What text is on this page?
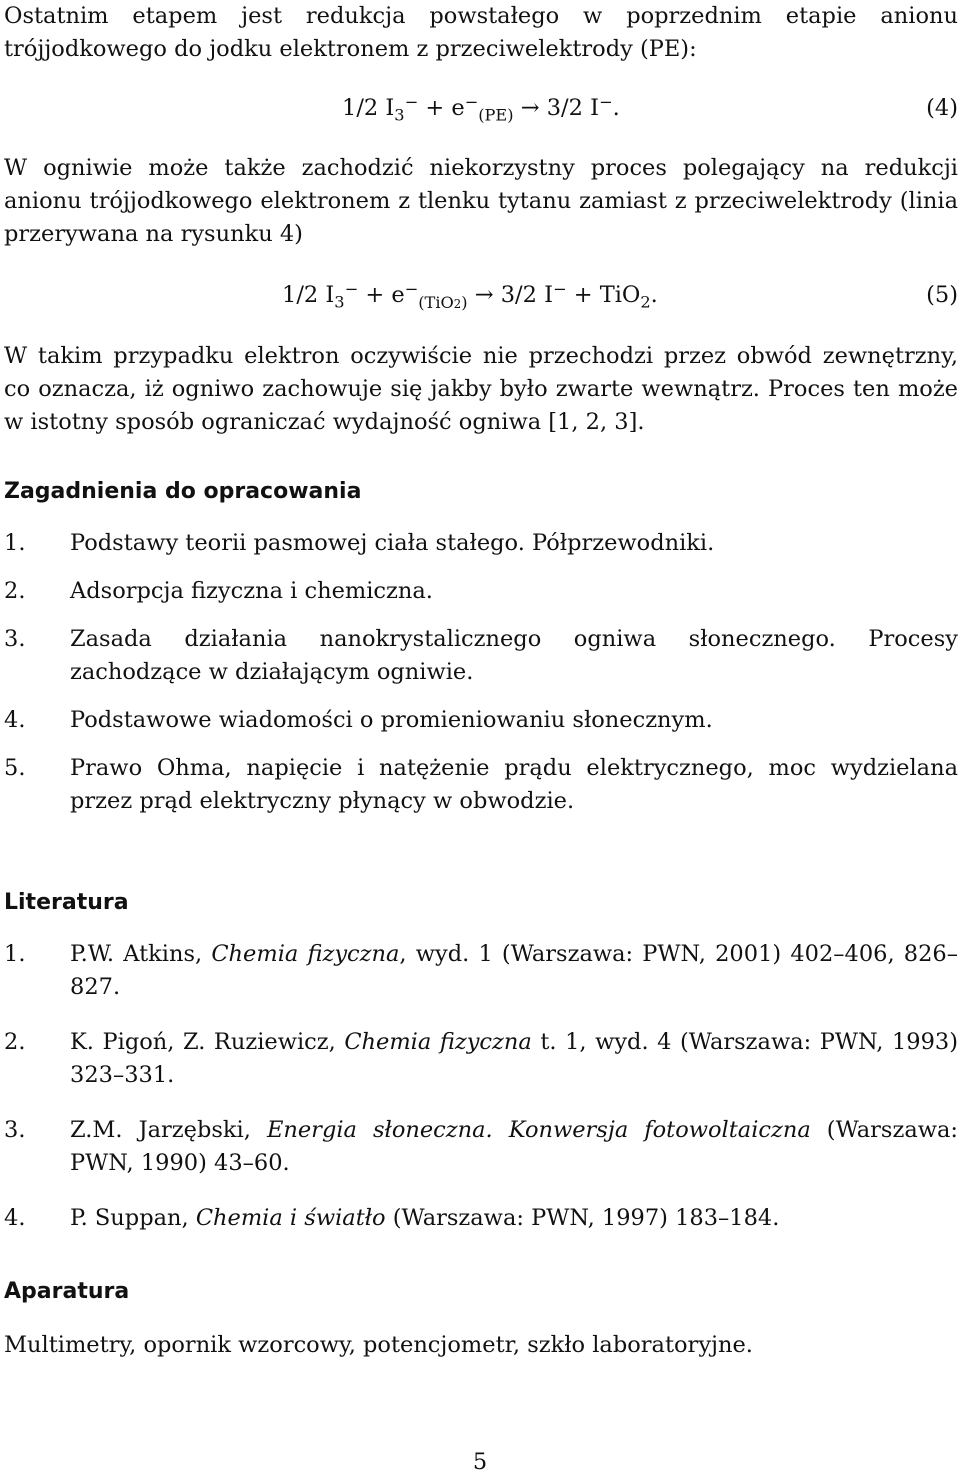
Ostatnim etapem jest redukcja powstałego w poprzednim etapie anionu trójjodkowego do jodku elektronem z przeciwelektrody (PE):

1/2 $I_3^- + e^-_{(PE)} \to 3/2$ I−.	(4)

W ogniwie może także zachodzić niekorzystny proces polegający na redukcji anionu trójjodkowego elektronem z tlenku tytanu zamiast z przeciwelektrody (linia przerywana na rysunku 4)

1/2 $I_3^- + e^-_{(TiO2)} \to 3/2$ I− + TiO$_2$.	(5)

W takim przypadku elektron oczywiście nie przechodzi przez obwód zewnętrzny, co oznacza, iż ogniwo zachowuje się jakby było zwarte wewnątrz. Proces ten może w istotny sposób ograniczać wydajność ogniwa [1, 2, 3].

Zagadnienia do opracowania
1. Podstawy teorii pasmowej ciała stałego. Półprzewodniki.
2. Adsorpcja fizyczna i chemiczna.
3. Zasada działania nanokrystalicznego ogniwa słonecznego. Procesy zachodzące w działającym ogniwie.
4. Podstawowe wiadomości o promieniowaniu słonecznym.
5. Prawo Ohma, napięcie i natężenie prądu elektrycznego, moc wydzielana przez prąd elektryczny płynący w obwodzie.
Literatura
1. P.W. Atkins, Chemia fizyczna, wyd. 1 (Warszawa: PWN, 2001) 402–406, 826–827.
2. K. Pigoń, Z. Ruziewicz, Chemia fizyczna t. 1, wyd. 4 (Warszawa: PWN, 1993) 323–331.
3. Z.M. Jarzębski, Energia słoneczna. Konwersja fotowoltaiczna (Warszawa: PWN, 1990) 43–60.
4. P. Suppan, Chemia i światło (Warszawa: PWN, 1997) 183–184.
Aparatura

Multimetry, opornik wzorcowy, potencjometr, szkło laboratoryjne.

5
